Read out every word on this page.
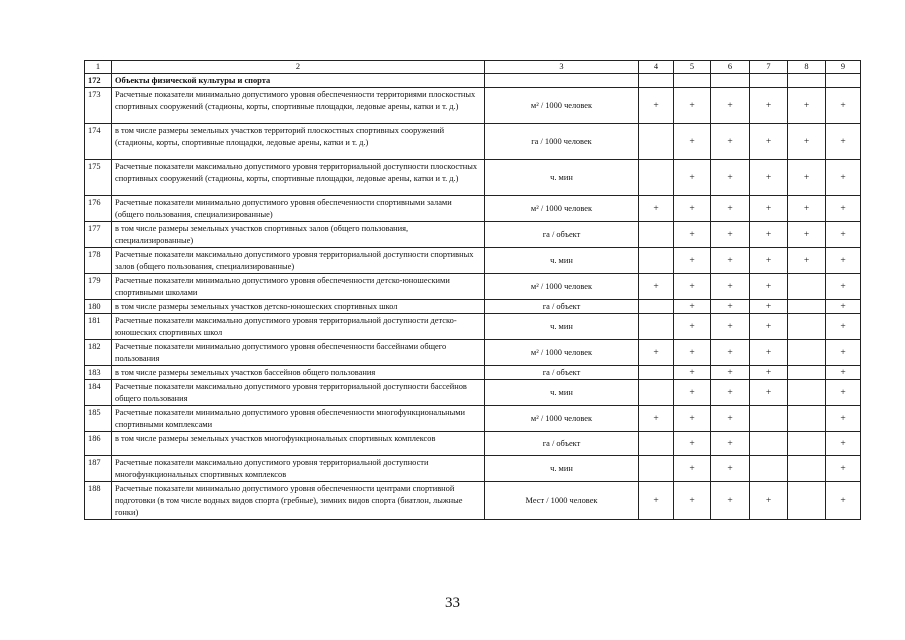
1	2	3	4	5	6	7	8	9
172	Объекты физической культуры и спорта							
173	Расчетные показатели минимально допустимого уровня обеспеченности территориями плоскостных спортивных сооружений (стадионы, корты, спортивные площадки, ледовые арены, катки и т. д.)	м² / 1000 человек	+	+	+	+	+	+
174	в том числе размеры земельных участков территорий плоскостных спортивных сооружений (стадионы, корты, спортивные площадки, ледовые арены, катки и т. д.)	га / 1000 человек		+	+	+	+	+
175	Расчетные показатели максимально допустимого уровня территориальной доступности плоскостных спортивных сооружений (стадионы, корты, спортивные площадки, ледовые арены, катки и т. д.)	ч. мин		+	+	+	+	+
176	Расчетные показатели минимально допустимого уровня обеспеченности спортивными залами (общего пользования, специализированные)	м² / 1000 человек	+	+	+	+	+	+
177	в том числе размеры земельных участков спортивных залов (общего пользования, специализированные)	га / объект		+	+	+	+	+
178	Расчетные показатели максимально допустимого уровня территориальной доступности спортивных залов (общего пользования, специализированные)	ч. мин		+	+	+	+	+
179	Расчетные показатели минимально допустимого уровня обеспеченности детско-юношескими спортивными школами	м² / 1000 человек	+	+	+	+		+
180	в том числе размеры земельных участков детско-юношеских спортивных школ	га / объект		+	+	+		+
181	Расчетные показатели максимально допустимого уровня территориальной доступности детско-юношеских спортивных школ	ч. мин		+	+	+		+
182	Расчетные показатели минимально допустимого уровня обеспеченности бассейнами общего пользования	м² / 1000 человек	+	+	+	+		+
183	в том числе размеры земельных участков бассейнов общего пользования	га / объект		+	+	+		+
184	Расчетные показатели максимально допустимого уровня территориальной доступности бассейнов общего пользования	ч. мин		+	+	+		+
185	Расчетные показатели минимально допустимого уровня обеспеченности многофункциональными спортивными комплексами	м² / 1000 человек	+	+	+			+
186	в том числе размеры земельных участков многофункциональных спортивных комплексов	га / объект		+	+			+
187	Расчетные показатели максимально допустимого уровня территориальной доступности многофункциональных спортивных комплексов	ч. мин		+	+			+
188	Расчетные показатели минимально допустимого уровня обеспеченности центрами спортивной подготовки (в том числе водных видов спорта (гребные), зимних видов спорта (биатлон, лыжные гонки)	Мест / 1000 человек	+	+	+	+		+
33
